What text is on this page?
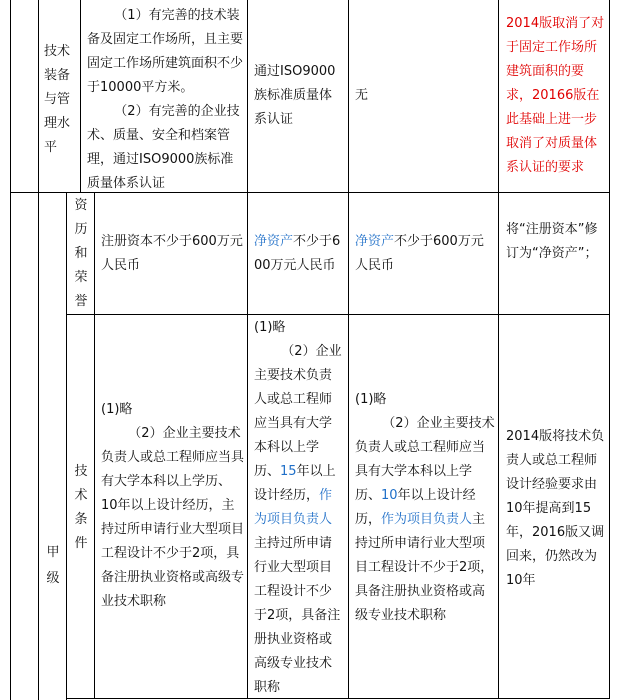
技术装备与管理水平

（1）有完善的技术装备及固定工作场所，且主要固定工作场所建筑面积不少于10000平方米。

（2）有完善的企业技术、质量、安全和档案管理，通过ISO9000族标准质量体系认证

通过ISO9000族标准质量体系认证
无
2014版取消了对于固定工作场所建筑面积的要求，20166版在此基础上进一步取消了对质量体系认证的要求
甲级
资历和荣誉
注册资本不少于600万元人民币
净资产不少于600万元人民币
净资产不少于600万元人民币
将“注册资本”修订为“净资产”；
技术条件

(1)略

（2）企业主要技术负责人或总工程师应当具有大学本科以上学历、10年以上设计经历，主持过所申请行业大型项目工程设计不少于2项，具备注册执业资格或高级专业技术职称

(1)略

（2）企业主要技术负责人或总工程师应当具有大学本科以上学历、15年以上设计经历，作为项目负责人主持过所申请行业大型项目工程设计不少于2项，具备注册执业资格或高级专业技术职称

(1)略

（2）企业主要技术负责人或总工程师应当具有大学本科以上学历、10年以上设计经历，作为项目负责人主持过所申请行业大型项目工程设计不少于2项，具备注册执业资格或高级专业技术职称

2014版将技术负责人或总工程师设计经验要求由10年提高到15年，2016版又调回来，仍然改为10年
